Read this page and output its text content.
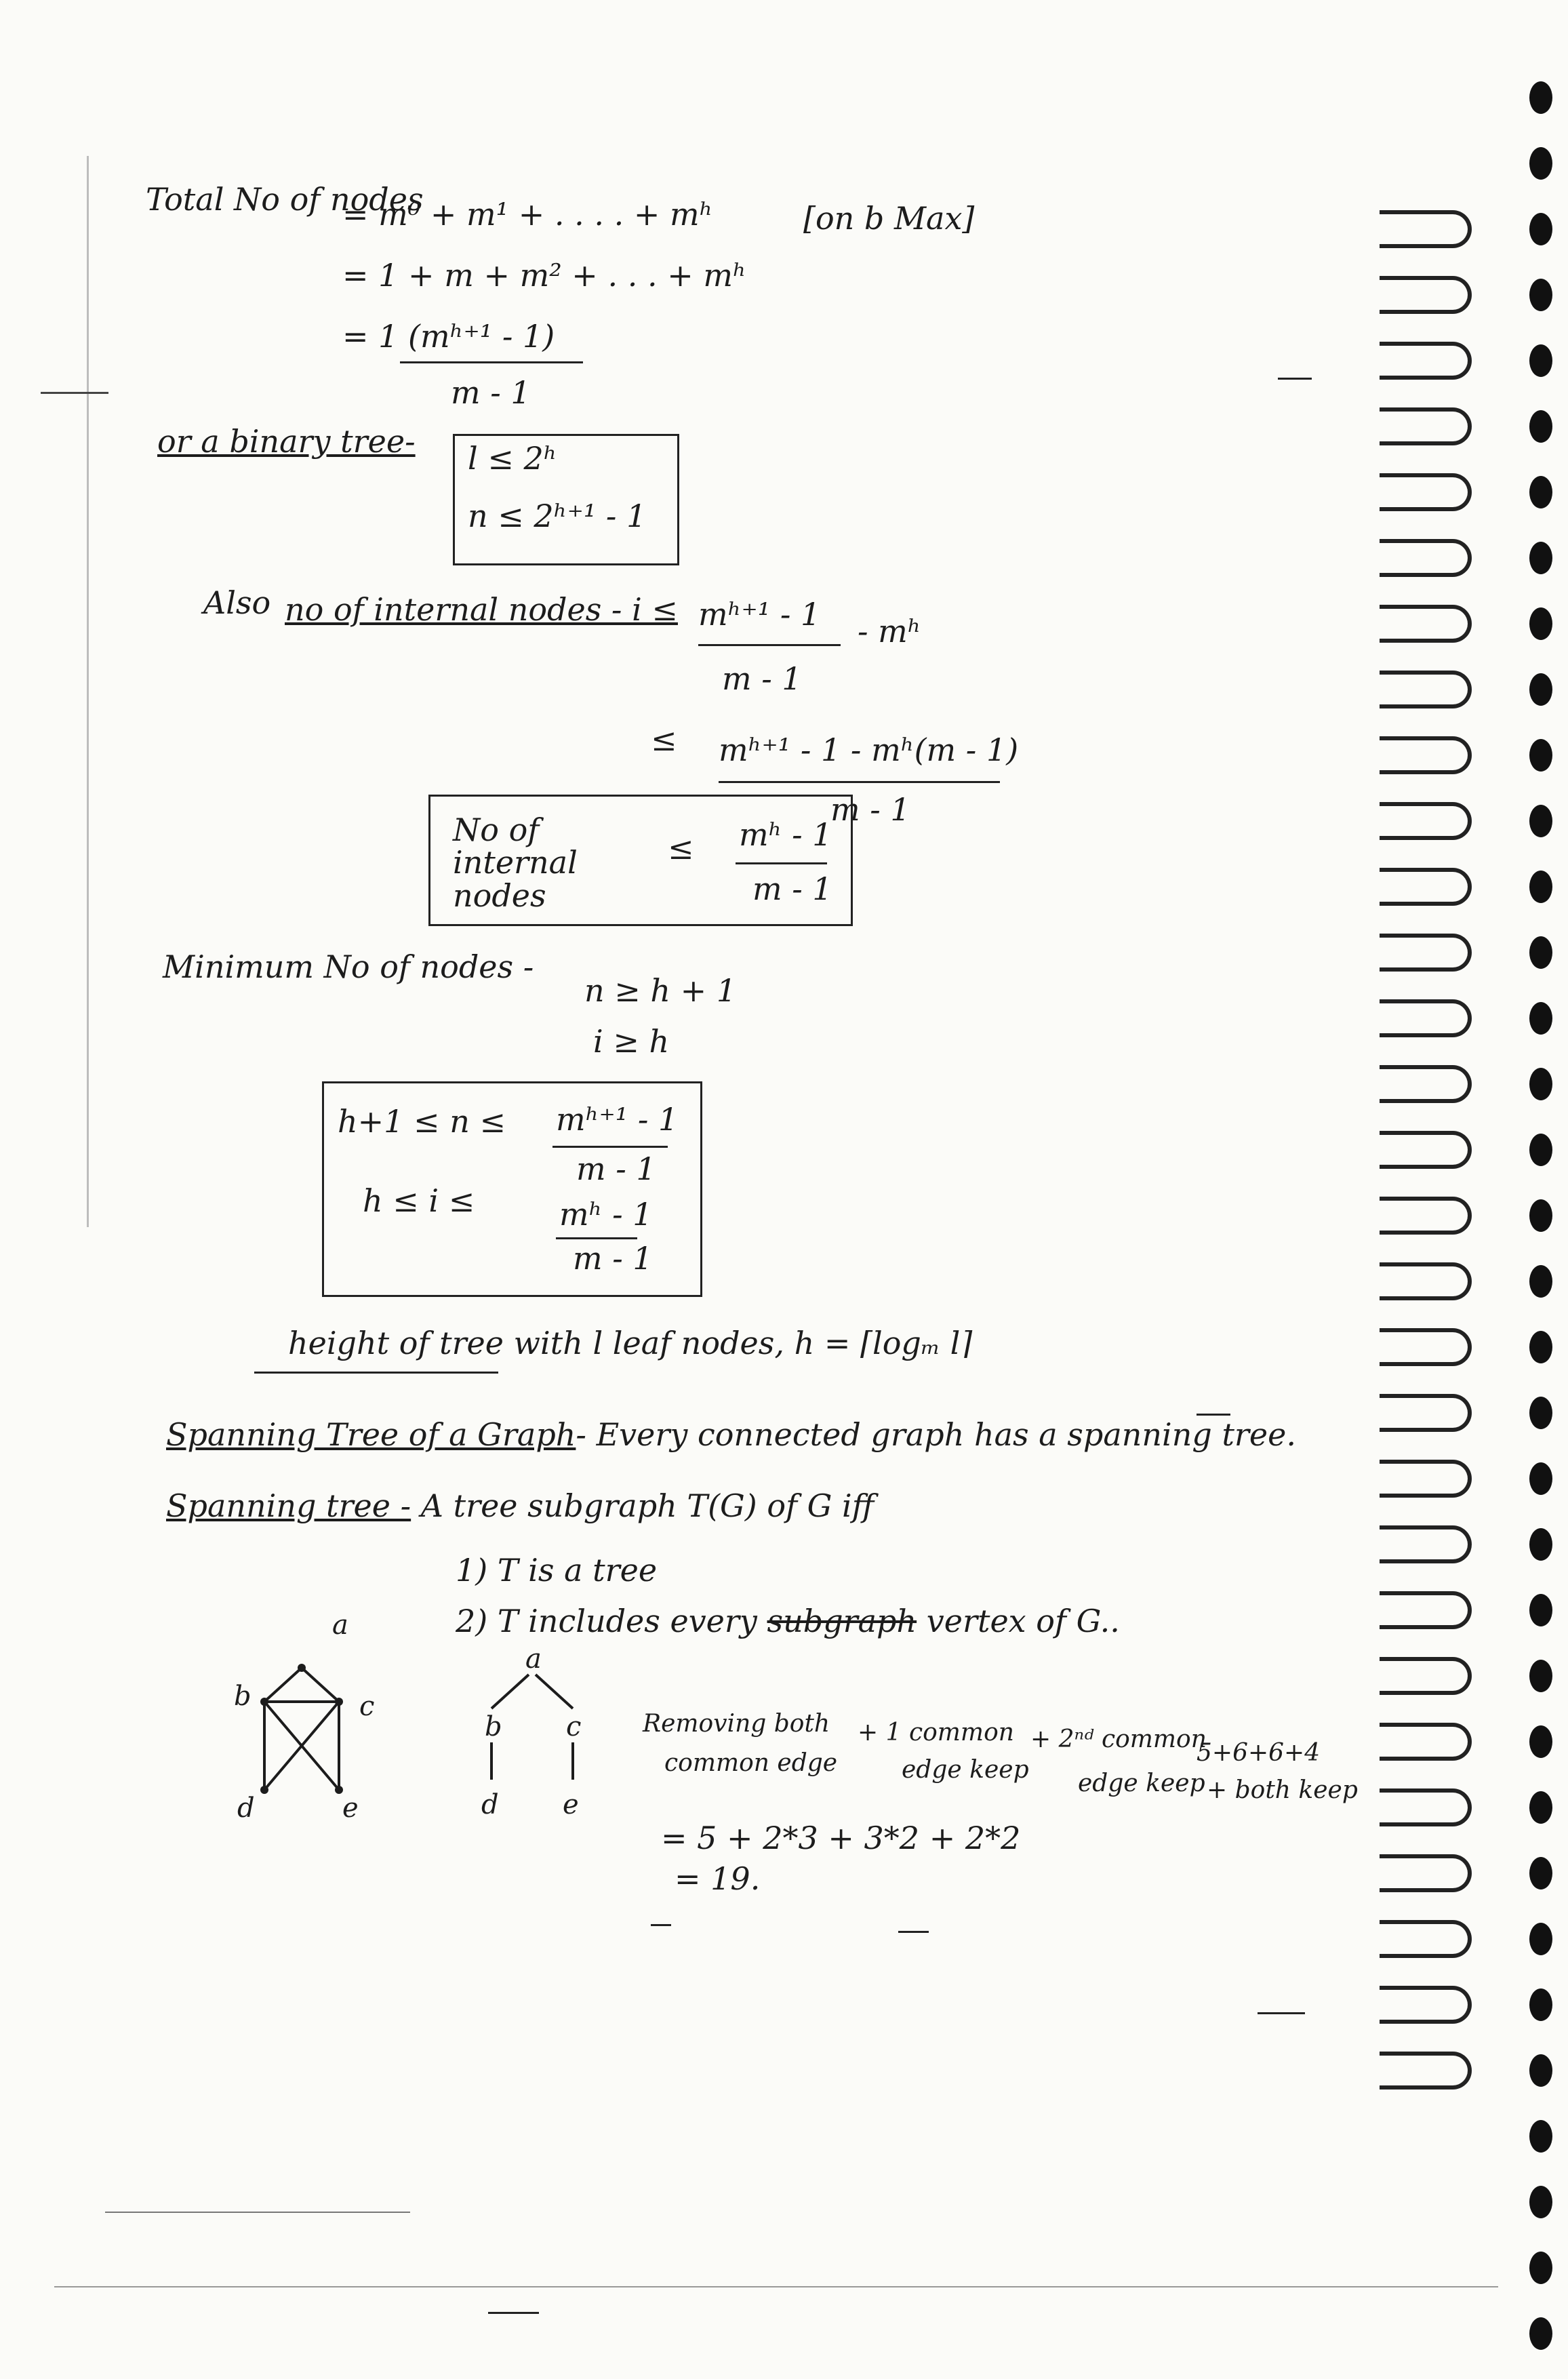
Total No of nodes
= m⁰ + m¹ + . . . . + mʰ	[on b Max]
= 1 + m + m² + . . . + mʰ
= 1 (mʰ⁺¹ - 1)
m - 1
or a binary tree- l ≤ 2ʰ
n ≤ 2ʰ⁺¹ - 1
Also no of internal nodes - i ≤ mʰ⁺¹ - 1 - mʰ
m - 1
≤ mʰ⁺¹ - 1 - mʰ(m - 1)
m - 1
No of internal nodes
≤ mʰ - 1
m - 1
Minimum No of nodes -
n ≥ h + 1
i ≥ h
h+1 ≤ n ≤ mʰ⁺¹ - 1
m - 1
h ≤ i ≤	mʰ - 1
m - 1
height of tree with l leaf nodes, h = ⌈logₘ l⌉
Spanning Tree of a Graph- Every connected graph has a spanning tree.
Spanning tree - A tree subgraph T(G) of G iff
1) T is a tree
2) T includes every subgraph vertex of G..
a
b	c
d	e
a
b c
d e
Removing both
common edge
+ 1 common
edge keep
+ 2ⁿᵈ common
edge keep
5+6+6+4
+ both keep
= 5 + 2*3 + 3*2 + 2*2
= 19.
